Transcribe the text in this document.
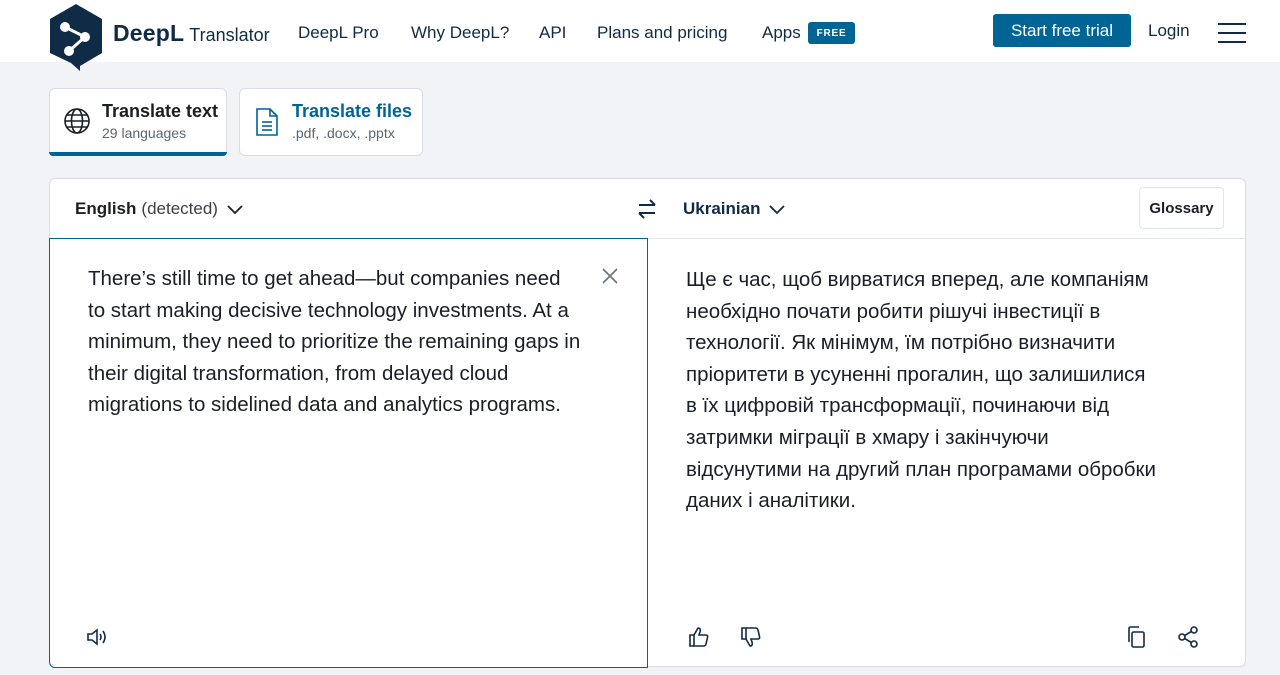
DeepL Translator DeepL Pro Why DeepL? API Plans and pricing Apps	FREE	Start free trial	Login
Translate text
29 languages
Translate files
.pdf, .docx, .pptx
English (detected)	Ukrainian	Glossary
There’s still time to get ahead—but companies need
to start making decisive technology investments. At a
minimum, they need to prioritize the remaining gaps in
their digital transformation, from delayed cloud
migrations to sidelined data and analytics programs.
Ще є час, щоб вирватися вперед, але компаніям
необхідно почати робити рішучі інвестиції в
технології. Як мінімум, їм потрібно визначити
пріоритети в усуненні прогалин, що залишилися
в їх цифровій трансформації, починаючи від
затримки міграції в хмару і закінчуючи
відсунутими на другий план програмами обробки
даних і аналітики.
